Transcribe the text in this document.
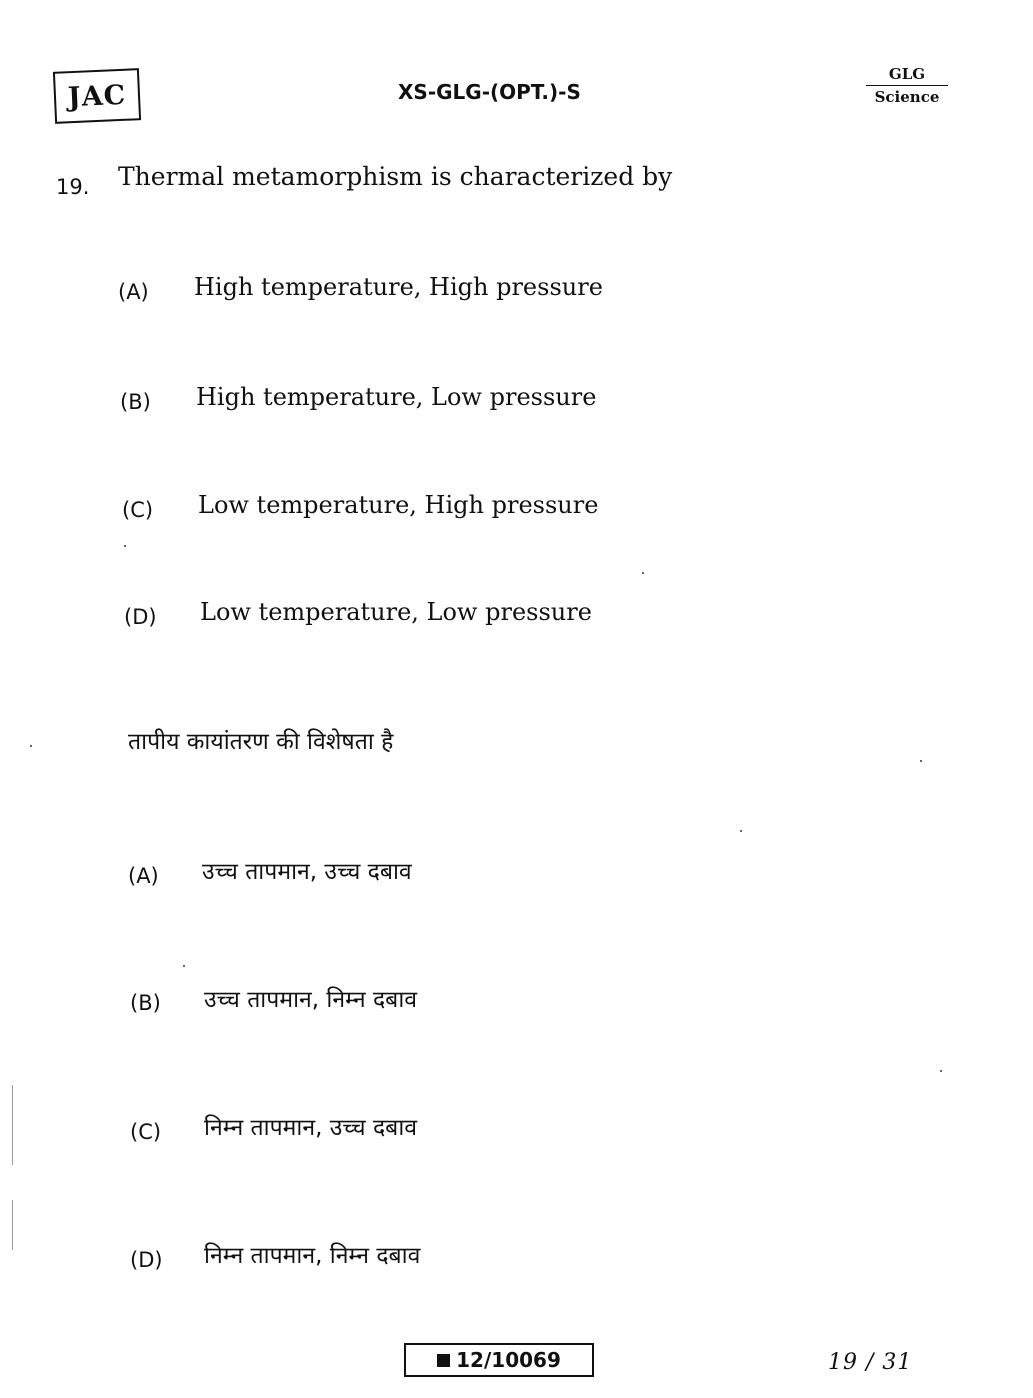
JAC	XS-GLG-(OPT.)-S
GLG
Science
19. Thermal metamorphism is characterized by
(A) High temperature, High pressure
(B) High temperature, Low pressure
(C) Low temperature, High pressure
(D) Low temperature, Low pressure
तापीय कायांतरण की विशेषता है
(A) उच्च तापमान, उच्च दबाव
(B) उच्च तापमान, निम्न दबाव
(C) निम्न तापमान, उच्च दबाव
(D) निम्न तापमान, निम्न दबाव
12/10069	19 / 31
